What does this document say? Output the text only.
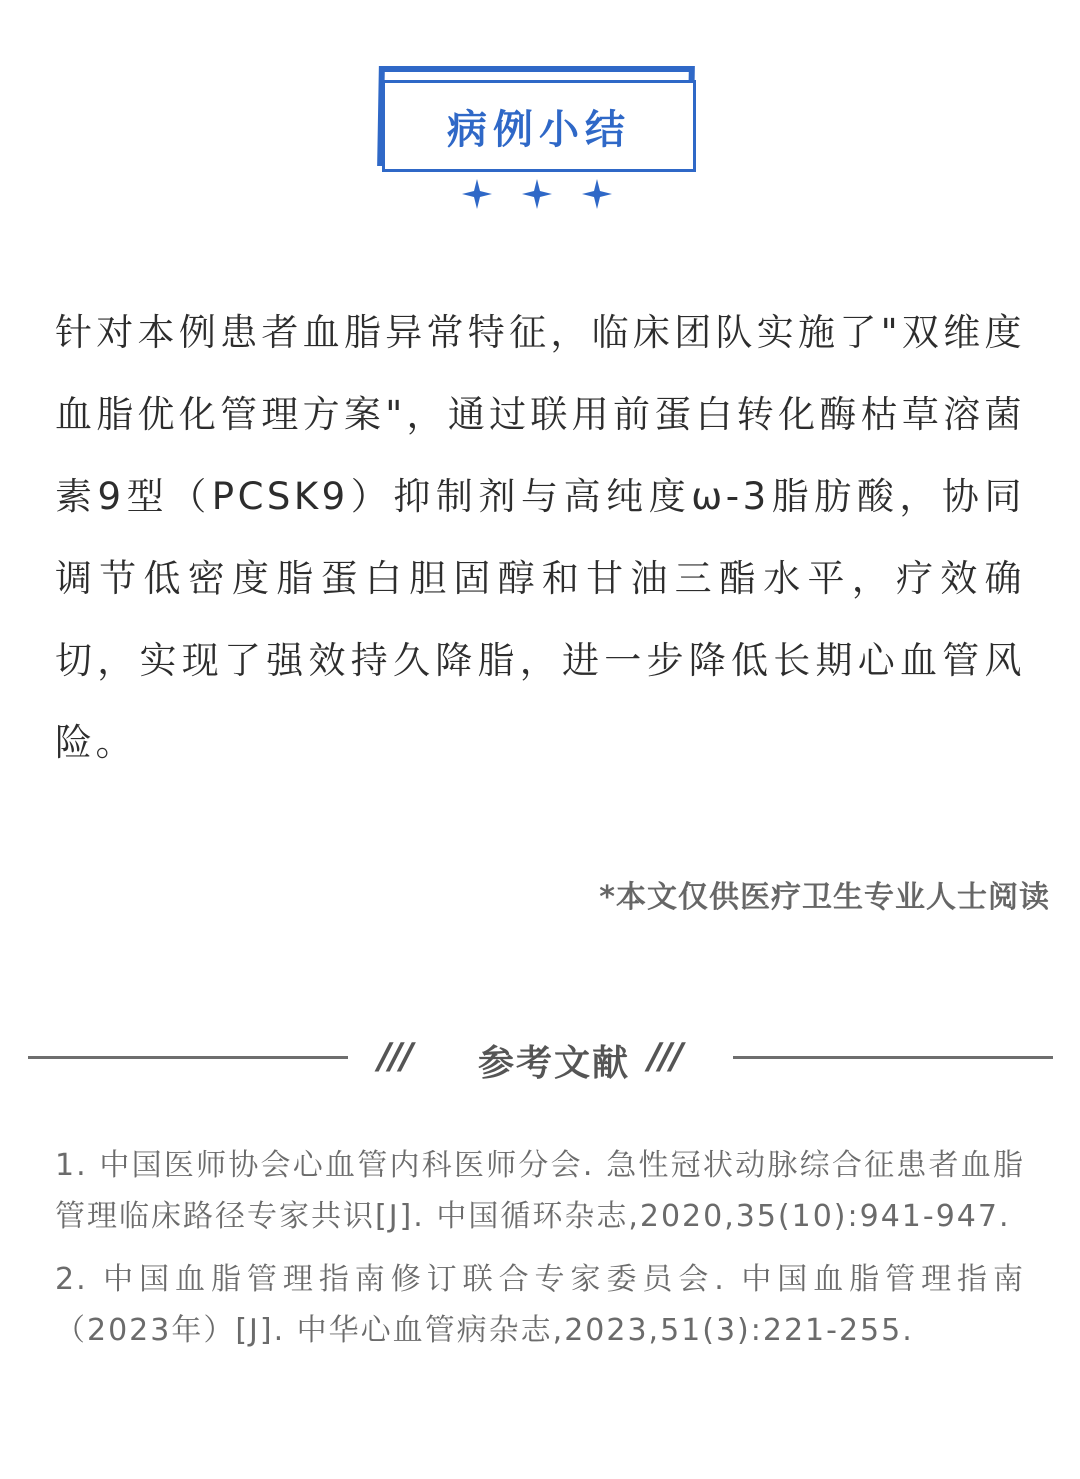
病例小结
针对本例患者血脂异常特征，临床团队实施了"双维度血脂优化管理方案"，通过联用前蛋白转化酶枯草溶菌素9型（PCSK9）抑制剂与高纯度ω-3脂肪酸，协同调节低密度脂蛋白胆固醇和甘油三酯水平，疗效确切，实现了强效持久降脂，进一步降低长期心血管风险。
*本文仅供医疗卫生专业人士阅读
///	参考文献 ///
1. 中国医师协会心血管内科医师分会. 急性冠状动脉综合征患者血脂管理临床路径专家共识[J]. 中国循环杂志,2020,35(10):941-947.
2. 中国血脂管理指南修订联合专家委员会. 中国血脂管理指南（2023年）[J]. 中华心血管病杂志,2023,51(3):221-255.
